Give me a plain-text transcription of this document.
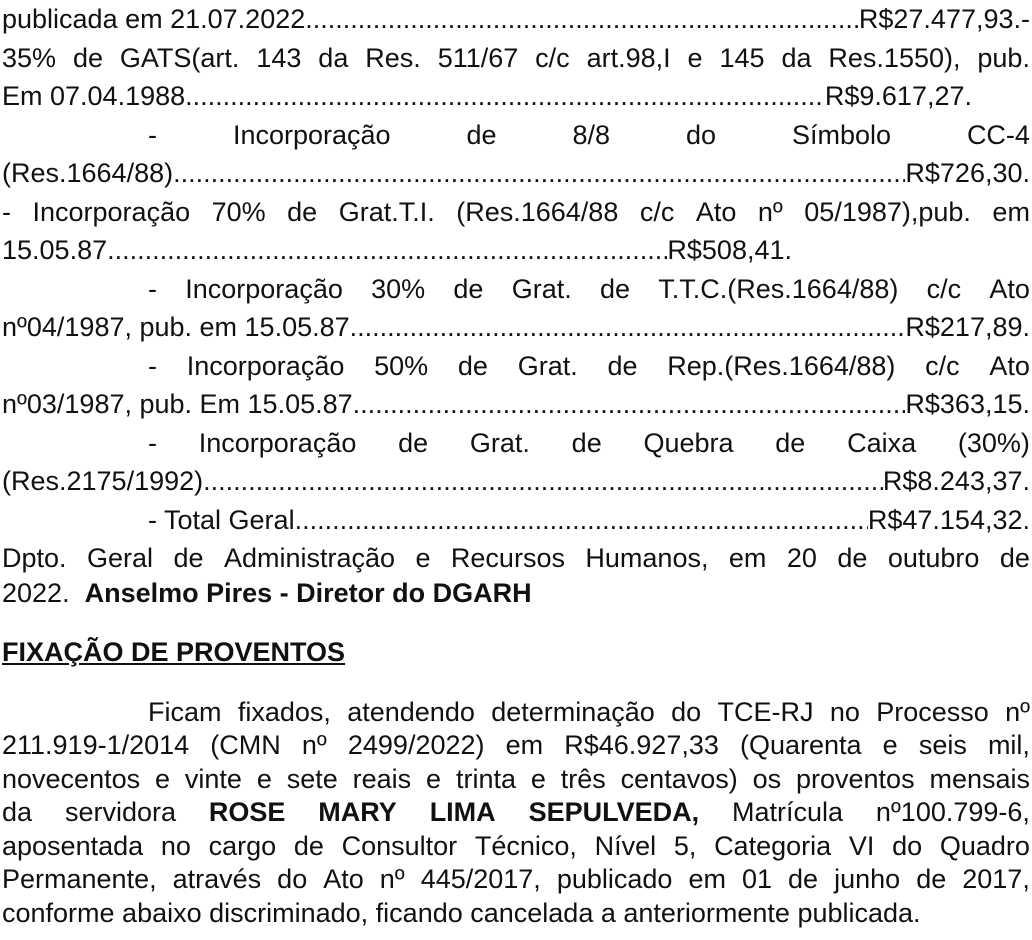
publicada em 21.07.2022 .....	R$27.477,93.-
35% de GATS(art. 143 da Res. 511/67 c/c art.98,I e 145 da Res.1550), pub.
Em 07.04.1988 .....	R$9.617,27.
-	Incorporação	de	8/8	do	Símbolo	CC-4
(Res.1664/88) .....	R$726,30.
- Incorporação 70% de Grat.T.I. (Res.1664/88 c/c Ato nº 05/1987),pub. em
15.05.87 .....	R$508,41.
- Incorporação 30% de Grat. de T.T.C.(Res.1664/88) c/c Ato
nº04/1987, pub. em 15.05.87 .....	R$217,89.
- Incorporação 50% de Grat. de Rep.(Res.1664/88) c/c Ato
nº03/1987, pub. Em 15.05.87 .....	R$363,15.
- Incorporação de Grat. de Quebra de Caixa (30%)
(Res.2175/1992) .....	R$8.243,37.
- Total Geral .....	R$47.154,32.
Dpto. Geral de Administração e Recursos Humanos, em 20 de outubro de
2022.  Anselmo Pires - Diretor do DGARH
FIXAÇÃO DE PROVENTOS
Ficam fixados, atendendo determinação do TCE-RJ no Processo nº
211.919-1/2014 (CMN nº 2499/2022) em R$46.927,33 (Quarenta e seis mil,
novecentos e vinte e sete reais e trinta e três centavos) os proventos mensais
da servidora ROSE MARY LIMA SEPULVEDA, Matrícula nº100.799-6,
aposentada no cargo de Consultor Técnico, Nível 5, Categoria VI do Quadro
Permanente, através do Ato nº 445/2017, publicado em 01 de junho de 2017,
conforme abaixo discriminado, ficando cancelada a anteriormente publicada.
